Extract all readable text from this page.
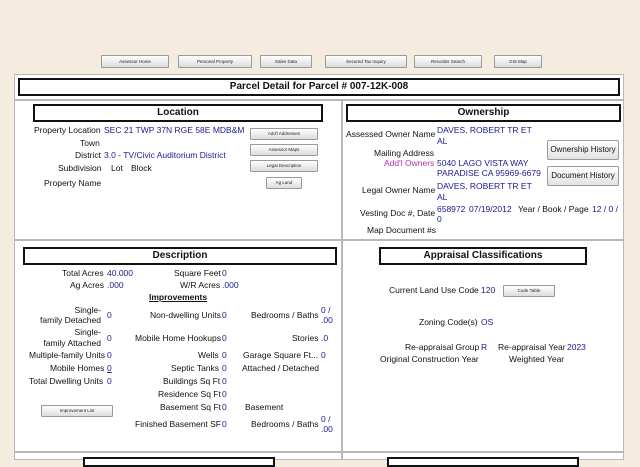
Assessor Home	Personal Property	Sales Data	Secured Tax Inquiry	Recorder Search	GIS Map
Parcel Detail for Parcel # 007-12K-008
Location
Property Location SEC 21 TWP 37N RGE 58E MDB&M
Town
District 3.0 - TV/Civic Auditorium District
Subdivision Lot Block
Property Name
Add'l Addresses
Assessor Maps
Legal Description
Ag Land
Ownership
Assessed Owner Name DAVES, ROBERT TR ET
AL
Mailing Address
Add'l Owners 5040 LAGO VISTA WAY
PARADISE CA 95969-6679
Legal Owner Name DAVES, ROBERT TR ET
AL
Vesting Doc #, Date 658972 07/19/2012 Year / Book / Page 12 / 0 /
0
Map Document #s
Ownership History
Document History
Description
Total Acres 40.000	Square Feet 0
Ag Acres .000	W/R Acres .000
Improvements
Single-
family Detached 0	Non-dwelling Units 0	Bedrooms / Baths 0 /
.00
Single-
family Attached 0	Mobile Home Hookups 0	Stories .0
Multiple-family Units 0	Wells 0 Garage Square Ft... 0
Mobile Homes 0	Septic Tanks 0 Attached / Detached
Total Dwelling Units 0	Buildings Sq Ft 0
Residence Sq Ft 0
Improvement List	Basement Sq Ft 0 Basement
Finished Basement SF 0	Bedrooms / Baths 0 /
.00
Appraisal Classifications
Current Land Use Code 120	Code Table
Zoning Code(s) OS
Re-appraisal Group R Re-appraisal Year 2023
Original Construction Year	Weighted Year
